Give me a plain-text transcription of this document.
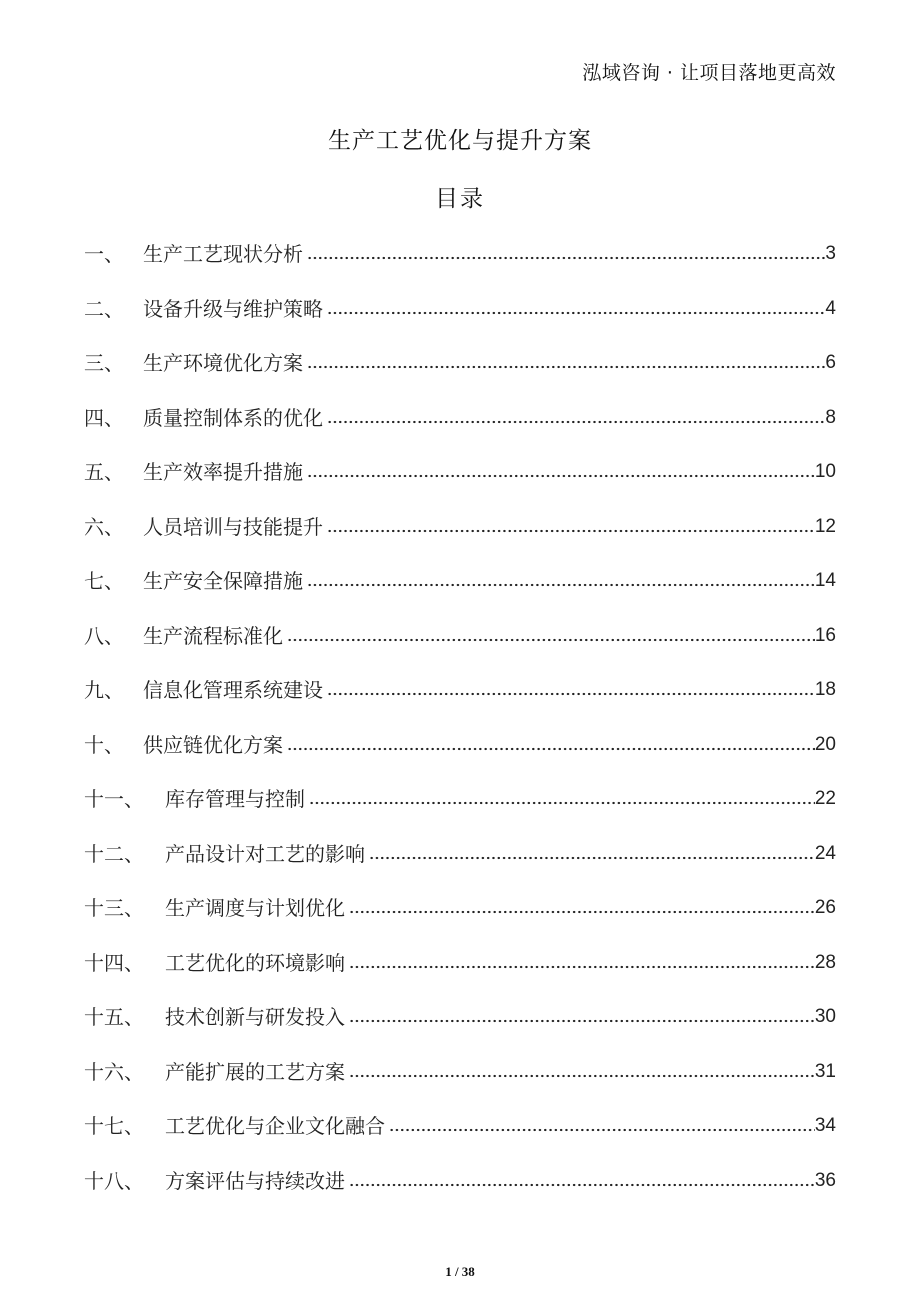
泓域咨询 · 让项目落地更高效
生产工艺优化与提升方案
目录
一、 生产工艺现状分析	3
二、 设备升级与维护策略	4
三、 生产环境优化方案	6
四、 质量控制体系的优化	8
五、 生产效率提升措施	10
六、 人员培训与技能提升	12
七、 生产安全保障措施	14
八、 生产流程标准化	16
九、 信息化管理系统建设	18
十、 供应链优化方案	20
十一、	库存管理与控制	22
十二、	产品设计对工艺的影响	24
十三、	生产调度与计划优化	26
十四、	工艺优化的环境影响	28
十五、	技术创新与研发投入	30
十六、	产能扩展的工艺方案	31
十七、	工艺优化与企业文化融合	34
十八、	方案评估与持续改进	36
1 / 38
